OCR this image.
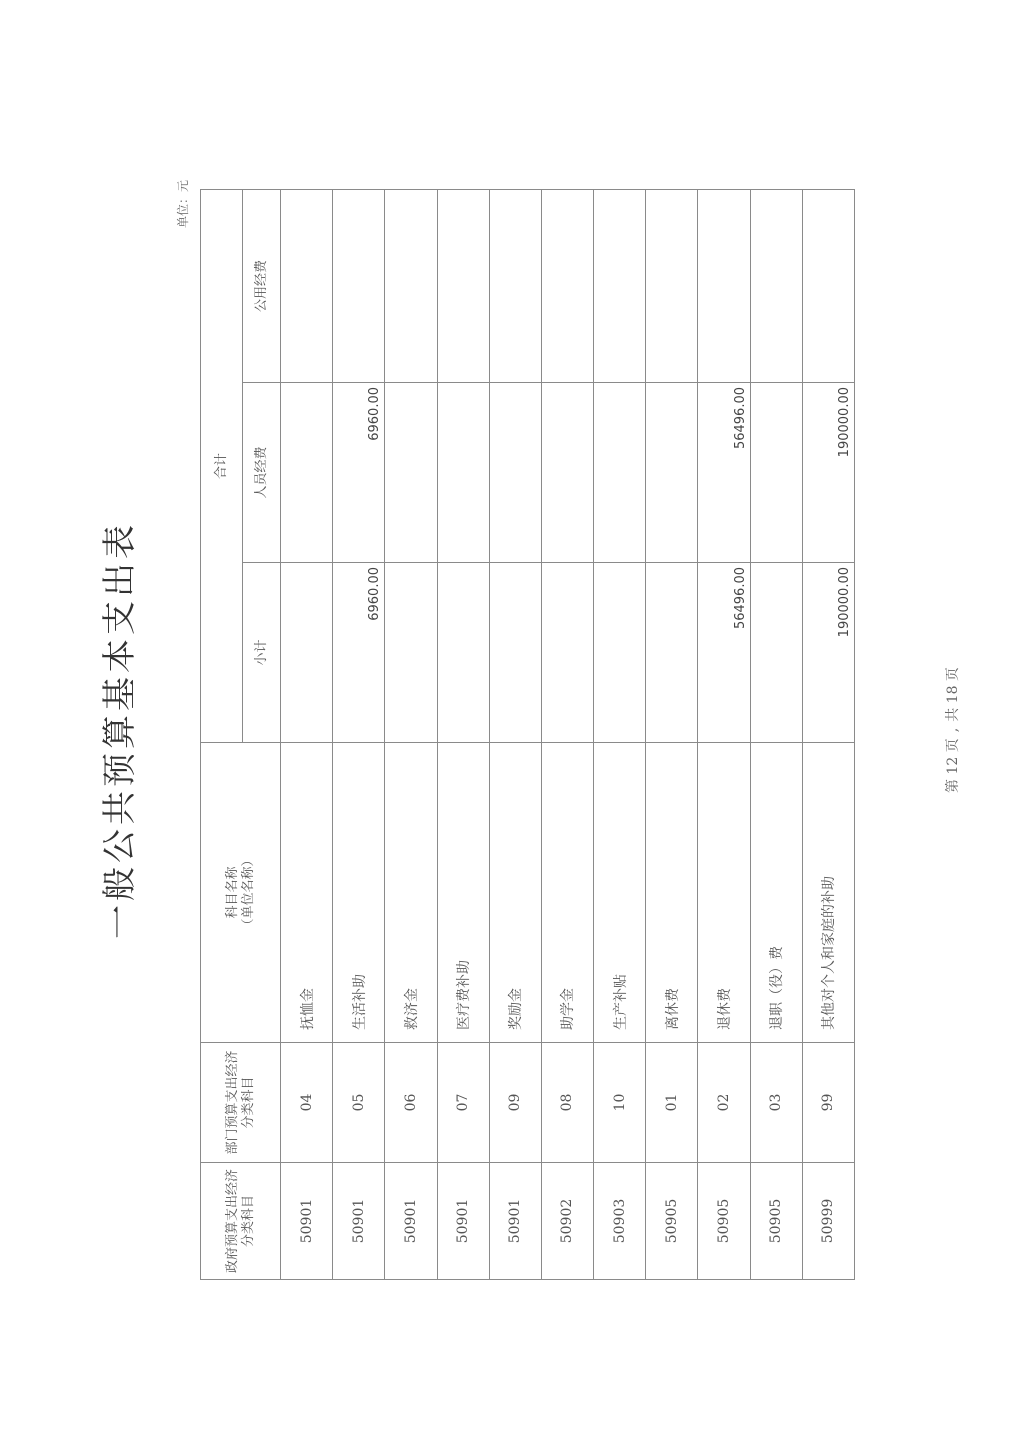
一般公共预算基本支出表
单位：元
政府预算支出经济分类科目	部门预算支出经济分类科目	科目名称 （单位名称）	合计		
			小计	人员经费	公用经费
50901	04	抚恤金			
50901	05	生活补助	6960.00	6960.00	
50901	06	救济金			
50901	07	医疗费补助			
50901	09	奖励金			
50902	08	助学金			
50903	10	生产补贴			
50905	01	离休费			
50905	02	退休费	56496.00	56496.00	
50905	03	退职（役）费			
50999	99	其他对个人和家庭的补助	190000.00	190000.00	
第 12 页,共 18 页
